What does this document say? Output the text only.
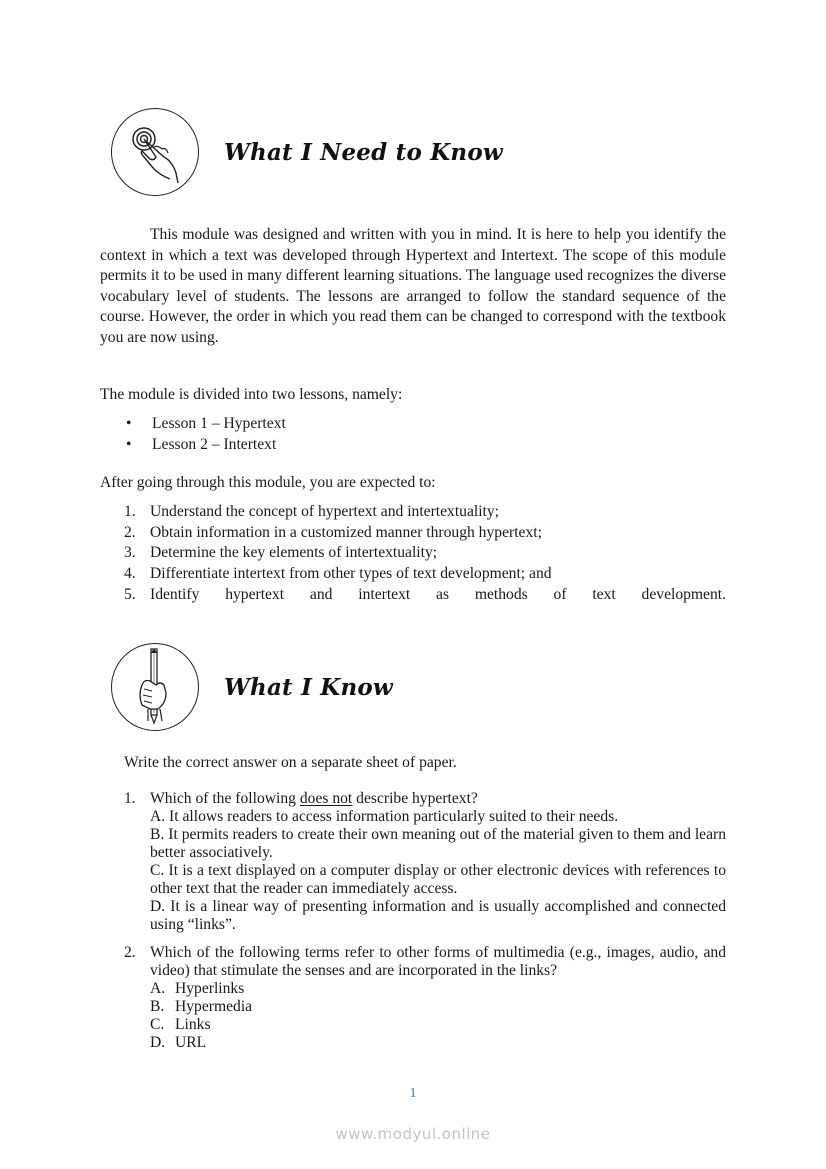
What I Need to Know
This module was designed and written with you in mind. It is here to help you identify the context in which a text was developed through Hypertext and Intertext. The scope of this module permits it to be used in many different learning situations. The language used recognizes the diverse vocabulary level of students. The lessons are arranged to follow the standard sequence of the course. However, the order in which you read them can be changed to correspond with the textbook you are now using.
The module is divided into two lessons, namely:
•	Lesson 1 – Hypertext
•	Lesson 2 – Intertext
After going through this module, you are expected to:
1. Understand the concept of hypertext and intertextuality;
2. Obtain information in a customized manner through hypertext;
3. Determine the key elements of intertextuality;
4. Differentiate intertext from other types of text development; and
5. Identify hypertext and intertext as methods of text development.
What I Know
Write the correct answer on a separate sheet of paper.
1. Which of the following does not describe hypertext?
A. It allows readers to access information particularly suited to their needs.
B. It permits readers to create their own meaning out of the material given to them and learn better associatively.
C. It is a text displayed on a computer display or other electronic devices with references to other text that the reader can immediately access.
D. It is a linear way of presenting information and is usually accomplished and connected using “links”.
2. Which of the following terms refer to other forms of multimedia (e.g., images, audio, and video) that stimulate the senses and are incorporated in the links?
A. Hyperlinks
B. Hypermedia
C. Links
D. URL
1
www.modyul.online
